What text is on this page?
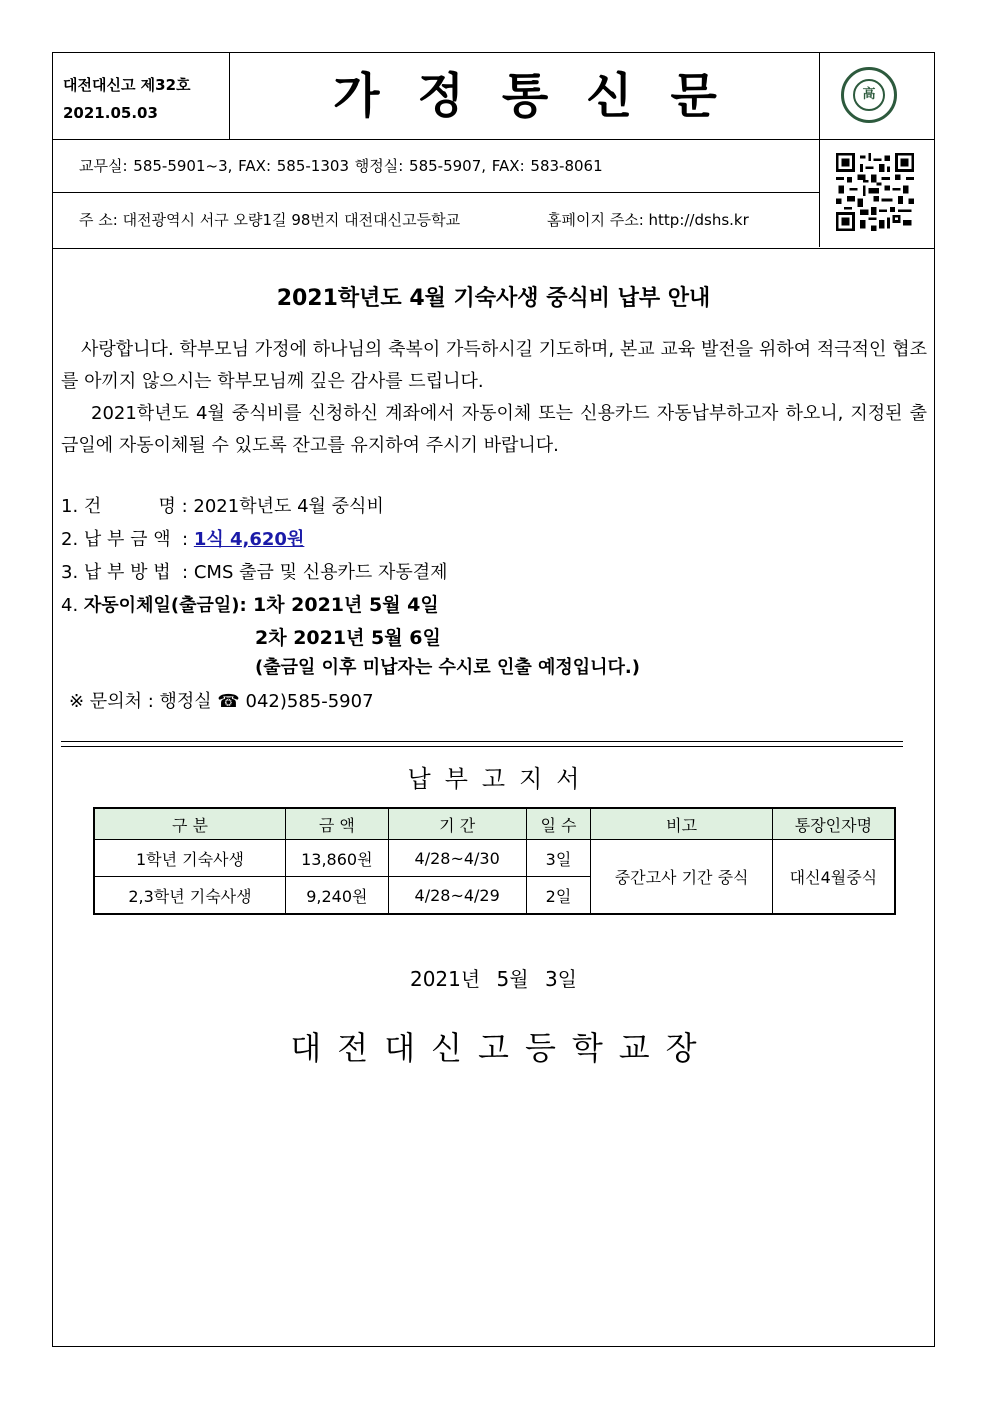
대전대신고 제32호
2021.05.03	가정통신문	高
교무실: 585-5901~3, FAX: 585-1303 행정실: 585-5907, FAX: 583-8061
주 소: 대전광역시 서구 오량1길 98번지 대전대신고등학교	홈페이지 주소: http://dshs.kr
2021학년도 4월 기숙사생 중식비 납부 안내
사랑합니다. 학부모님 가정에 하나님의 축복이 가득하시길 기도하며, 본교 교육 발전을 위하여 적극적인 협조를 아끼지 않으시는 학부모님께 깊은 감사를 드립니다.
2021학년도 4월 중식비를 신청하신 계좌에서 자동이체 또는 신용카드 자동납부하고자 하오니, 지정된 출금일에 자동이체될 수 있도록 잔고를 유지하여 주시기 바랍니다.
1. 건          명 : 2021학년도 4월 중식비
2. 납 부 금 액  : 1식 4,620원
3. 납 부 방 법  : CMS 출금 및 신용카드 자동결제
4. 자동이체일(출금일): 1차 2021년 5월 4일
2차 2021년 5월 6일
(출금일 이후 미납자는 수시로 인출 예정입니다.)
※ 문의처 : 행정실 ☎ 042)585-5907
납부고지서
구 분	금 액	기 간	일 수	비고	통장인자명
1학년 기숙사생	13,860원	4/28~4/30	3일	중간고사 기간 중식	대신4월중식
2,3학년 기숙사생	9,240원	4/28~4/29	2일		
2021년 5월 3일
대전대신고등학교장
